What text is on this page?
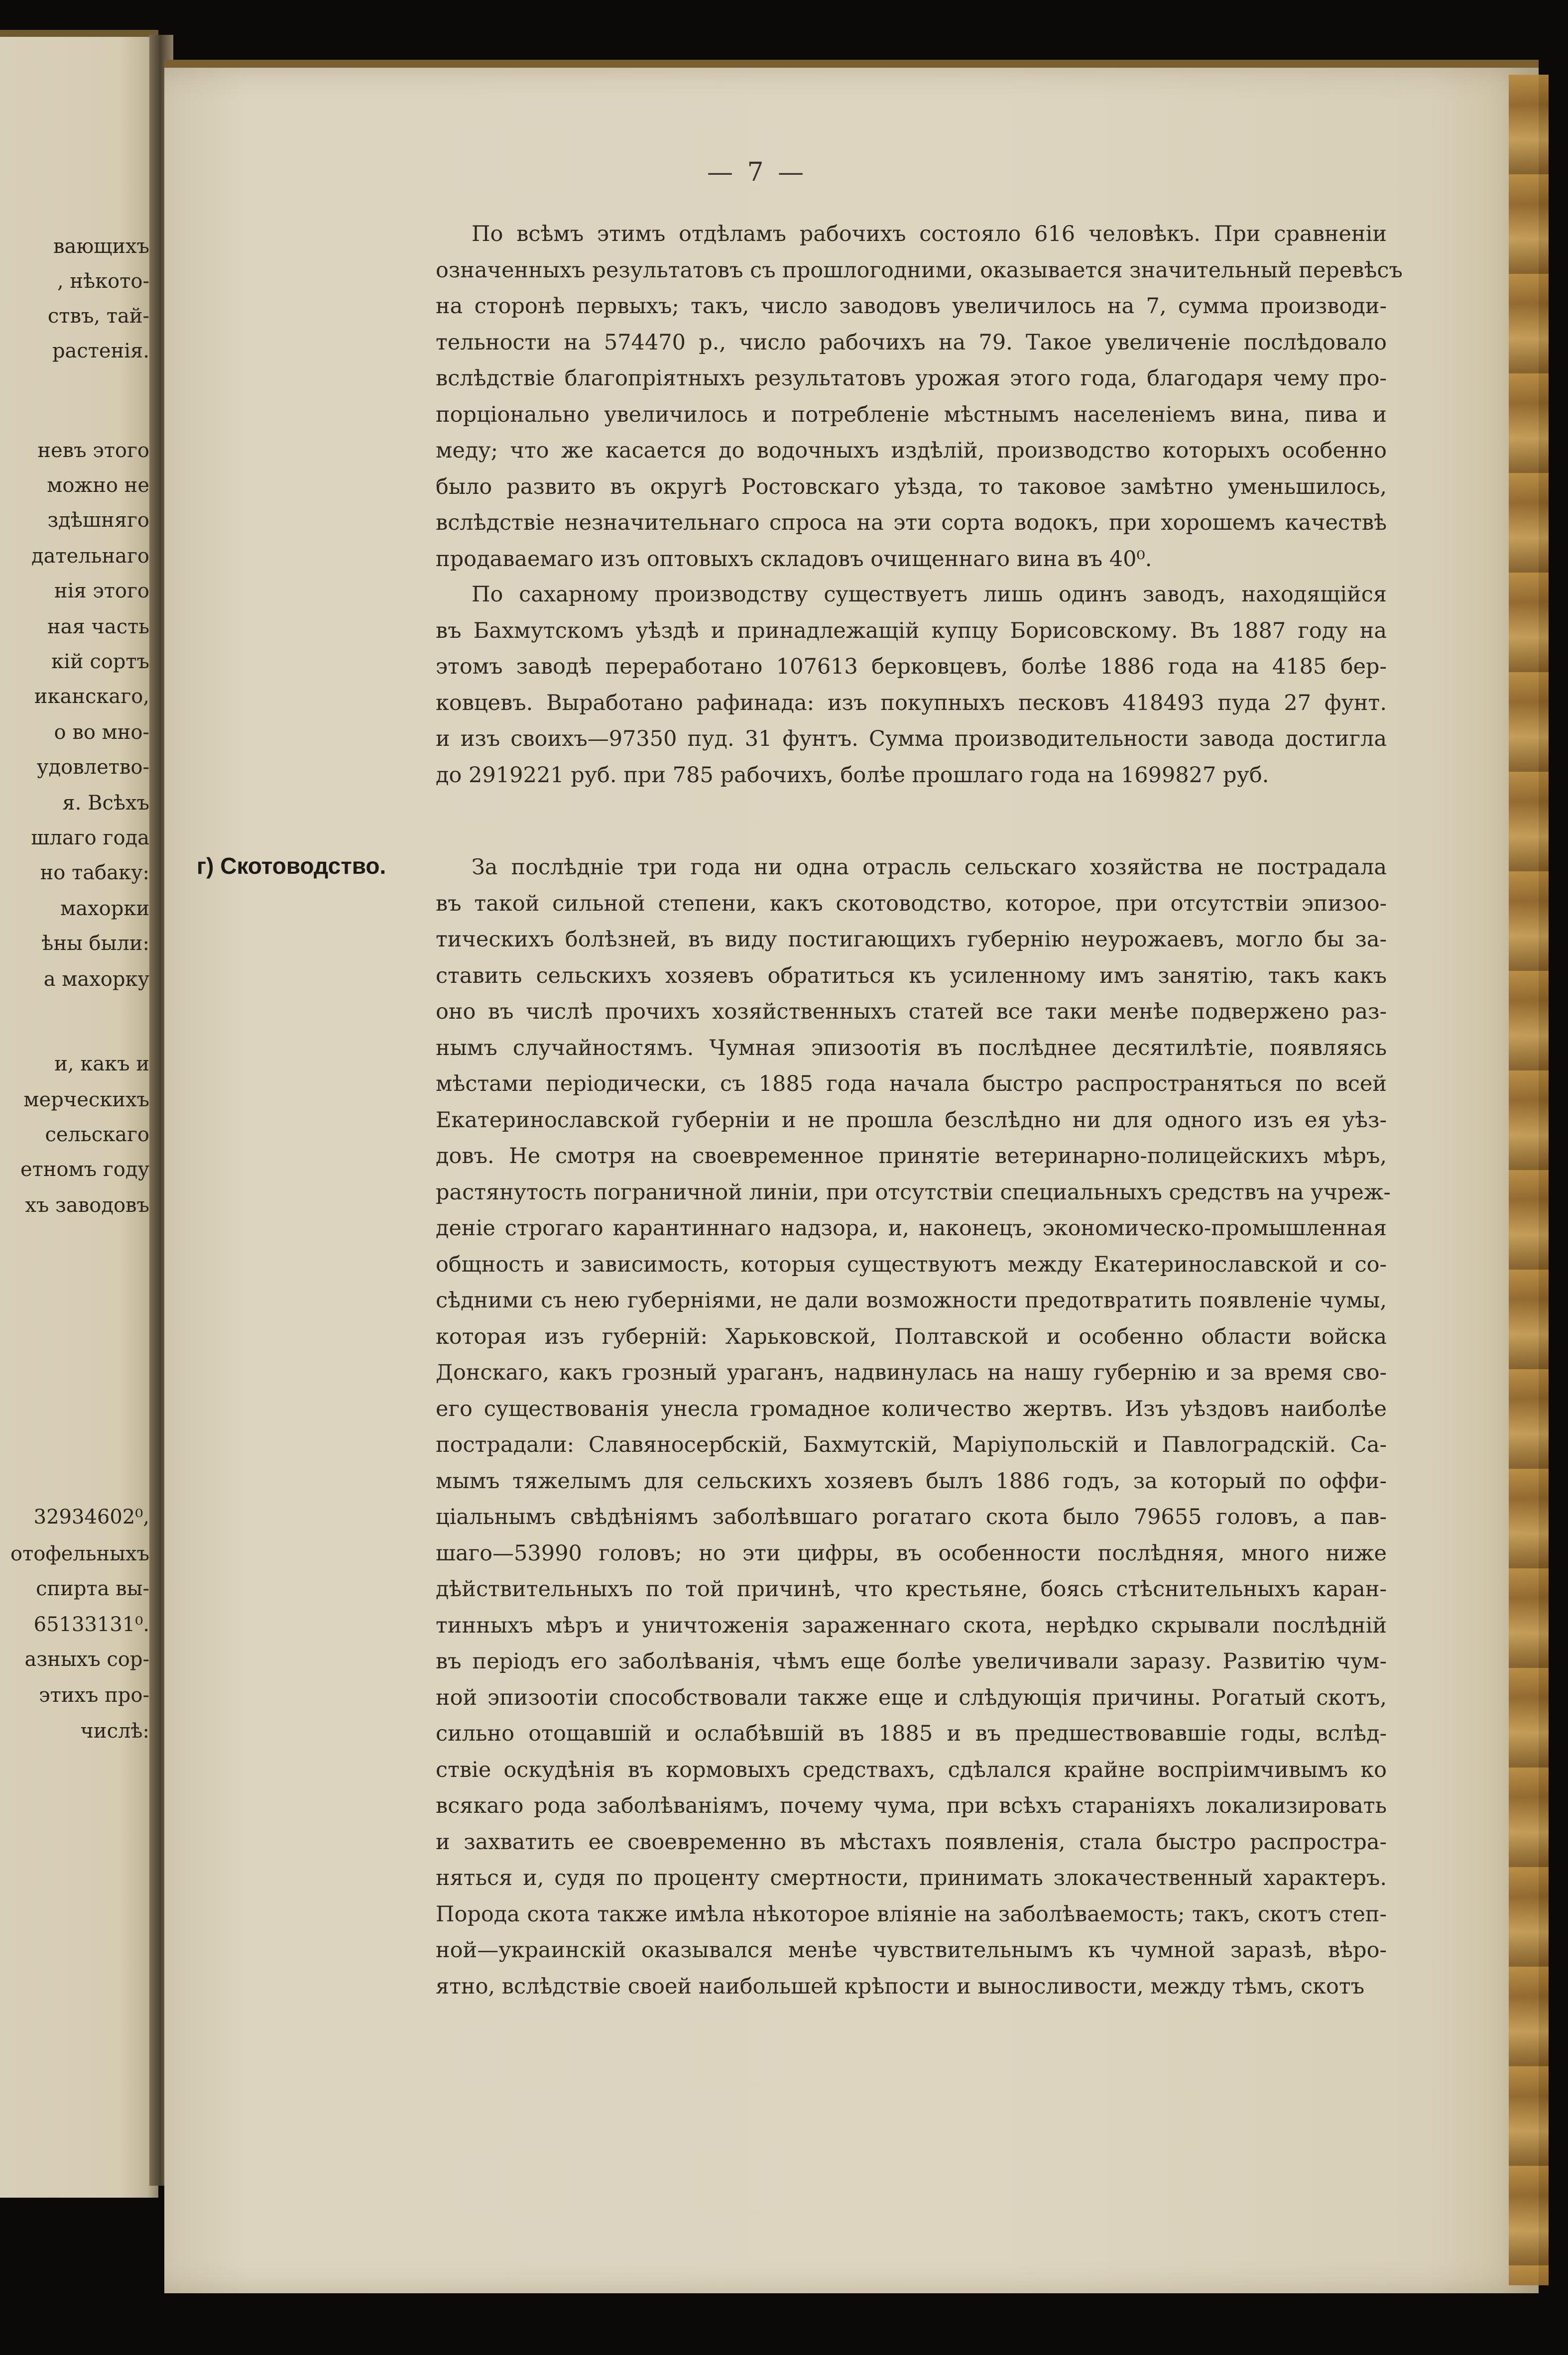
вающихъ
, нѣкото-
ствъ, тай-
растенія.
невъ этого
можно не
здѣшняго
дательнаго
нія этого
ная часть
кій сортъ
иканскаго,
о во мно-
удовлетво-
я. Всѣхъ
шлаго года
но табаку:
махорки
ѣны были:
а махорку
и, какъ и
мерческихъ
сельскаго
етномъ году
хъ заводовъ
32934602⁰,
отофельныхъ
спирта вы-
65133131⁰.
азныхъ сор-
этихъ про-
числѣ:
— 7 —
г) Скотоводство.
По всѣмъ этимъ отдѣламъ рабочихъ состояло 616 человѣкъ. При сравненіи
означенныхъ результатовъ съ прошлогодними, оказывается значительный перевѣсъ
на сторонѣ первыхъ; такъ, число заводовъ увеличилось на 7, сумма производи-
тельности на 574470 р., число рабочихъ на 79. Такое увеличеніе послѣдовало
вслѣдствіе благопріятныхъ результатовъ урожая этого года, благодаря чему про-
порціонально увеличилось и потребленіе мѣстнымъ населеніемъ вина, пива и
меду; что же касается до водочныхъ издѣлій, производство которыхъ особенно
было развито въ округѣ Ростовскаго уѣзда, то таковое замѣтно уменьшилось,
вслѣдствіе незначительнаго спроса на эти сорта водокъ, при хорошемъ качествѣ
продаваемаго изъ оптовыхъ складовъ очищеннаго вина въ 40⁰.
По сахарному производству существуетъ лишь одинъ заводъ, находящійся
въ Бахмутскомъ уѣздѣ и принадлежащій купцу Борисовскому. Въ 1887 году на
этомъ заводѣ переработано 107613 берковцевъ, болѣе 1886 года на 4185 бер-
ковцевъ. Выработано рафинада: изъ покупныхъ песковъ 418493 пуда 27 фунт.
и изъ своихъ—97350 пуд. 31 фунтъ. Сумма производительности завода достигла
до 2919221 руб. при 785 рабочихъ, болѣе прошлаго года на 1699827 руб.
За послѣдніе три года ни одна отрасль сельскаго хозяйства не пострадала
въ такой сильной степени, какъ скотоводство, которое, при отсутствіи эпизоо-
тическихъ болѣзней, въ виду постигающихъ губернію неурожаевъ, могло бы за-
ставить сельскихъ хозяевъ обратиться къ усиленному имъ занятію, такъ какъ
оно въ числѣ прочихъ хозяйственныхъ статей все таки менѣе подвержено раз-
нымъ случайностямъ. Чумная эпизоотія въ послѣднее десятилѣтіе, появляясь
мѣстами періодически, съ 1885 года начала быстро распространяться по всей
Екатеринославской губерніи и не прошла безслѣдно ни для одного изъ ея уѣз-
довъ. Не смотря на своевременное принятіе ветеринарно-полицейскихъ мѣръ,
растянутость пограничной линіи, при отсутствіи специальныхъ средствъ на учреж-
деніе строгаго карантиннаго надзора, и, наконецъ, экономическо-промышленная
общность и зависимость, которыя существуютъ между Екатеринославской и со-
сѣдними съ нею губерніями, не дали возможности предотвратить появленіе чумы,
которая изъ губерній: Харьковской, Полтавской и особенно области войска
Донскаго, какъ грозный ураганъ, надвинулась на нашу губернію и за время сво-
его существованія унесла громадное количество жертвъ. Изъ уѣздовъ наиболѣе
пострадали: Славяносербскій, Бахмутскій, Маріупольскій и Павлоградскій. Са-
мымъ тяжелымъ для сельскихъ хозяевъ былъ 1886 годъ, за который по оффи-
ціальнымъ свѣдѣніямъ заболѣвшаго рогатаго скота было 79655 головъ, а пав-
шаго—53990 головъ; но эти цифры, въ особенности послѣдняя, много ниже
дѣйствительныхъ по той причинѣ, что крестьяне, боясь стѣснительныхъ каран-
тинныхъ мѣръ и уничтоженія зараженнаго скота, нерѣдко скрывали послѣдній
въ періодъ его заболѣванія, чѣмъ еще болѣе увеличивали заразу. Развитію чум-
ной эпизоотіи способствовали также еще и слѣдующія причины. Рогатый скотъ,
сильно отощавшій и ослабѣвшій въ 1885 и въ предшествовавшіе годы, вслѣд-
ствіе оскудѣнія въ кормовыхъ средствахъ, сдѣлался крайне воспріимчивымъ ко
всякаго рода заболѣваніямъ, почему чума, при всѣхъ стараніяхъ локализировать
и захватить ее своевременно въ мѣстахъ появленія, стала быстро распростра-
няться и, судя по проценту смертности, принимать злокачественный характеръ.
Порода скота также имѣла нѣкоторое вліяніе на заболѣваемость; такъ, скотъ степ-
ной—украинскій оказывался менѣе чувствительнымъ къ чумной заразѣ, вѣро-
ятно, вслѣдствіе своей наибольшей крѣпости и выносливости, между тѣмъ, скотъ
